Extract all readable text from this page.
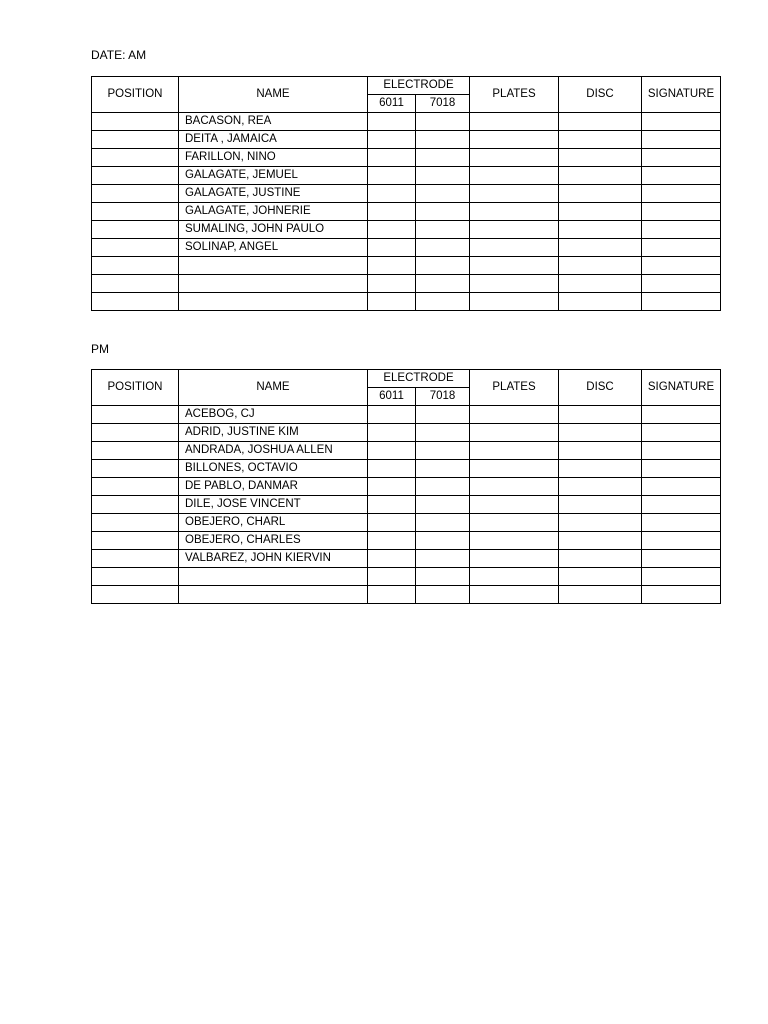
DATE: AM
POSITION	NAME	ELECTRODE		PLATES	DISC	SIGNATURE
		6011	7018			
	BACASON, REA					
	DEITA , JAMAICA					
	FARILLON, NINO					
	GALAGATE, JEMUEL					
	GALAGATE, JUSTINE					
	GALAGATE, JOHNERIE					
	SUMALING, JOHN PAULO					
	SOLINAP, ANGEL					

PM
POSITION	NAME	ELECTRODE		PLATES	DISC	SIGNATURE
		6011	7018			
	ACEBOG, CJ					
	ADRID, JUSTINE KIM					
	ANDRADA, JOSHUA ALLEN					
	BILLONES, OCTAVIO					
	DE PABLO, DANMAR					
	DILE, JOSE VINCENT					
	OBEJERO, CHARL					
	OBEJERO, CHARLES					
	VALBAREZ, JOHN KIERVIN					
